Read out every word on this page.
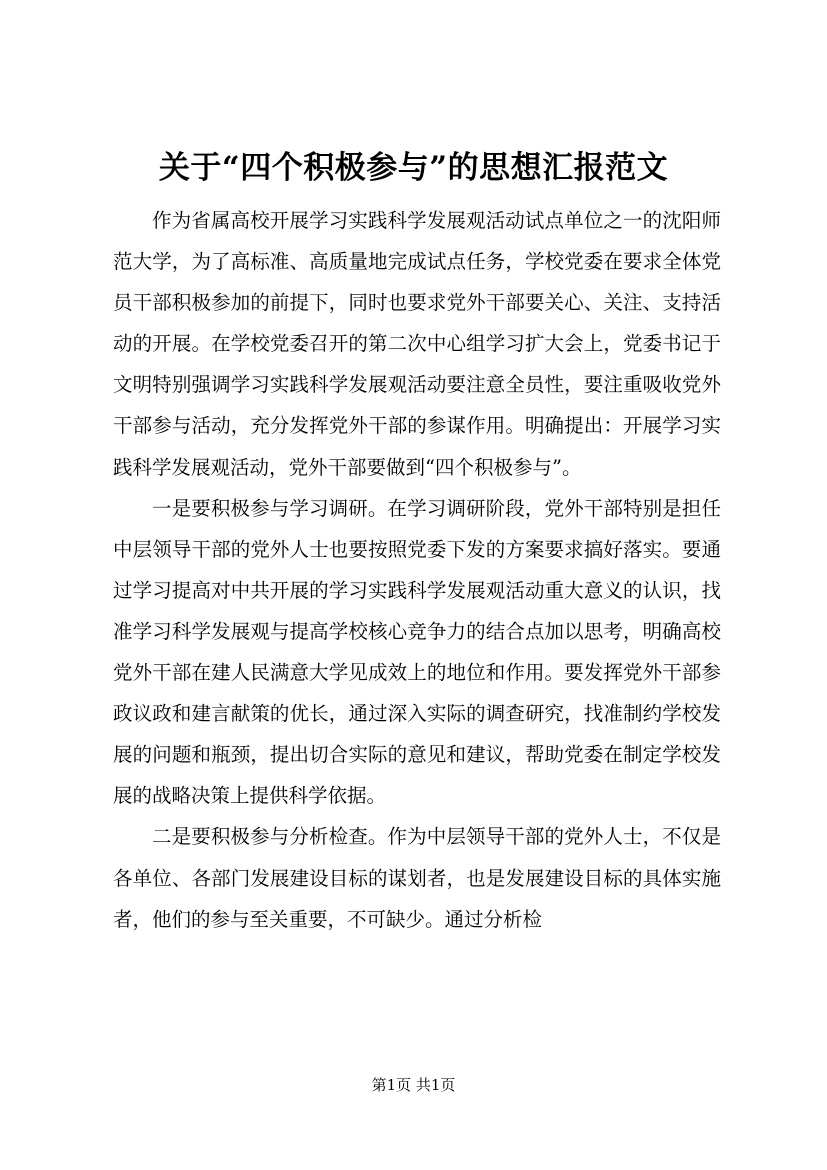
关于“四个积极参与”的思想汇报范文

作为省属高校开展学习实践科学发展观活动试点单位之一的沈阳师范大学，为了高标准、高质量地完成试点任务，学校党委在要求全体党员干部积极参加的前提下，同时也要求党外干部要关心、关注、支持活动的开展。在学校党委召开的第二次中心组学习扩大会上，党委书记于文明特别强调学习实践科学发展观活动要注意全员性，要注重吸收党外干部参与活动，充分发挥党外干部的参谋作用。明确提出：开展学习实践科学发展观活动，党外干部要做到“四个积极参与”。

一是要积极参与学习调研。在学习调研阶段，党外干部特别是担任中层领导干部的党外人士也要按照党委下发的方案要求搞好落实。要通过学习提高对中共开展的学习实践科学发展观活动重大意义的认识，找准学习科学发展观与提高学校核心竞争力的结合点加以思考，明确高校党外干部在建人民满意大学见成效上的地位和作用。要发挥党外干部参政议政和建言献策的优长，通过深入实际的调查研究，找准制约学校发展的问题和瓶颈，提出切合实际的意见和建议，帮助党委在制定学校发展的战略决策上提供科学依据。

二是要积极参与分析检查。作为中层领导干部的党外人士，不仅是各单位、各部门发展建设目标的谋划者，也是发展建设目标的具体实施者，他们的参与至关重要，不可缺少。通过分析检

第1页 共1页
